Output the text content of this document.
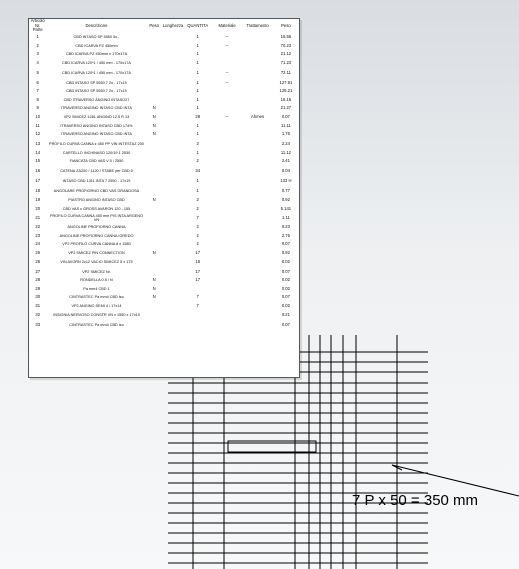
Articolo Nr. Parte	Descrizione	Peso	Lunghezza	QUANTITA	Materiale	Trattamento	Peso
1	CBD INTASO SP 5550 5x -			1	--		16.56
2	CBD ICARVA PZ 450mm			1	--		70.23
3	CBD ICARVA PZ 450mm x 170x17A			1			21.12
4	CBD ICARVA 120*1 / 450 mm - 170x17A			1			71.23
5	CBD ICARVA 120*1 / 450 mm - 170x17A			1	--		72.11
6	CBD INTASO SP 5550 7 2x - 17x19			1	--		127.91
7	CBD INTASO SP 5550 7 2x - 17x19			1			128.21
8	CBD ITRAVERSO ANGINO INTASO27			1			16.15
9	ITRAVERSO ANGINO INTASO CBD INTA	N		1			21.27
10	VP2 SMICEZ 1281 ANGINO 12.5 R 13	N		28	--	Ahmes	0.07
11	ITRAVERSO ANGINO INTASO CBD 174%	N		1			11.11
12	ITRAVERSO ANGINO INTASO CBD INTA	N		1			1.76
13	PROFILO CURVA CANNA z 450 PP VIN INTESTAZ 200			2			2.24
14	CARTELLO INCHINASO 120/19 1 2530			1			11.12
15	FIANCATA CBD VAS V 5 / 2550			2			2.41
16	CATENA ZA200 / 1120 / STABE per CBD 5			34			0.04
17	INTASO CBD 1311 INTA 7 2550 - 17x19			1			133 H
18	ANGOLARE PROFIORNO CBD VAS GRANDOSA			1			0.77
19	PIASTRO ANGINO INTASO CBD	N		2			0.92
20	CBD VAS v GROSS AVARON 120 - 155			2			5.141
21	PROFILO CURVA CANNA 450 mm PIS INTA ARGENO VN			7			1.11
22	ANGOLINE PROFIORNO CANNA			2			0.23
23	ANGOLINE PROFIORNO CANNA IGREDO			2			2.75
24	VP2 PROFILO CURVA CANNA 8 x 1580			2			0.07
25	VP2 SMICEZ PIN CONNECTION	N		17			0.92
26	VIN AVORN 2x12 VACIO SIMICEZ 5 x 175			16			0.02
27	VP2 SMICEZ Nr.			17			0.07
28	RONDELLA 0.5 / N	N		17			0.02
29	Pa mm4 CBD 1	N					0.02
30	CINTRASTEC Pa mm4 CBD lso	N		7			0.07
31	VP2 ANGINO SEMI 4 / 17x14			7			0.02
32	INSIGNIA NERVOSO CONSTR VN x 1550 x 17x19						0.21
33	CINTRASTEC Pa mm4 CBD lso						0.07
7 P x 50 = 350 mm
